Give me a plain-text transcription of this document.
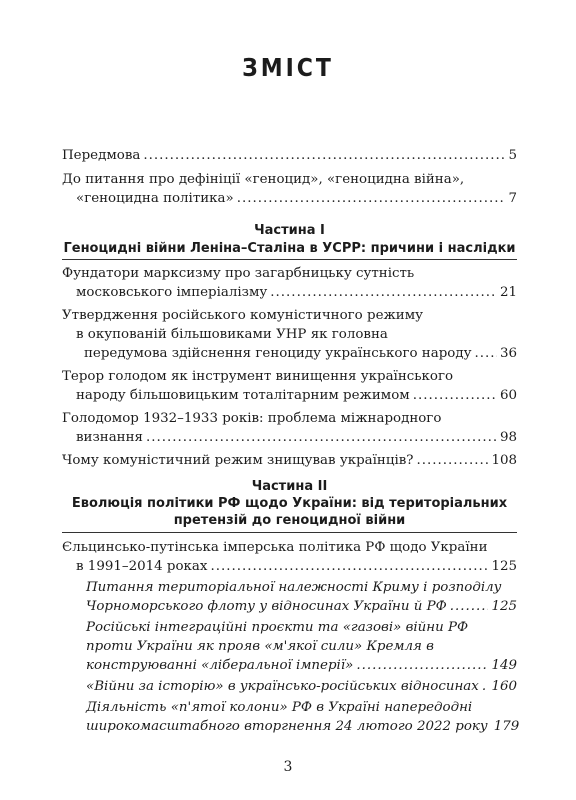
ЗМІСТ
Передмова .....	5
До питання про дефініції «геноцид», «геноцидна війна»,
«геноцидна політика» .....	7
Частина I
Геноцидні війни Леніна–Сталіна в УСРР: причини і наслідки
Фундатори марксизму про загарбницьку сутність
московського імперіалізму .....	21
Утвердження російського комуністичного режиму
в окупованій більшовиками УНР як головна
передумова здійснення геноциду українського народу ..... 36
Терор голодом як інструмент винищення українського
народу більшовицьким тоталітарним режимом .....	60
Голодомор 1932–1933 років: проблема міжнародного
визнання .....	98
Чому комуністичний режим знищував українців? .....	108
Частина II
Еволюція політики РФ щодо України: від територіальних
претензій до геноцидної війни
Єльцинсько-путінська імперська політика РФ щодо України
в 1991–2014 роках .....	125
Питання територіальної належності Криму і розподілу
Чорноморського флоту у відносинах України й РФ .....	125
Російські інтеграційні проєкти та «газові» війни РФ
проти України як прояв «м'якої сили» Кремля в
конструюванні «ліберальної імперії» .....	149
«Війни за історію» в українсько-російських відносинах ..... 160
Діяльність «п'ятої колони» РФ в Україні напередодні
широкомасштабного вторгнення 24 лютого 2022 року 179
3
